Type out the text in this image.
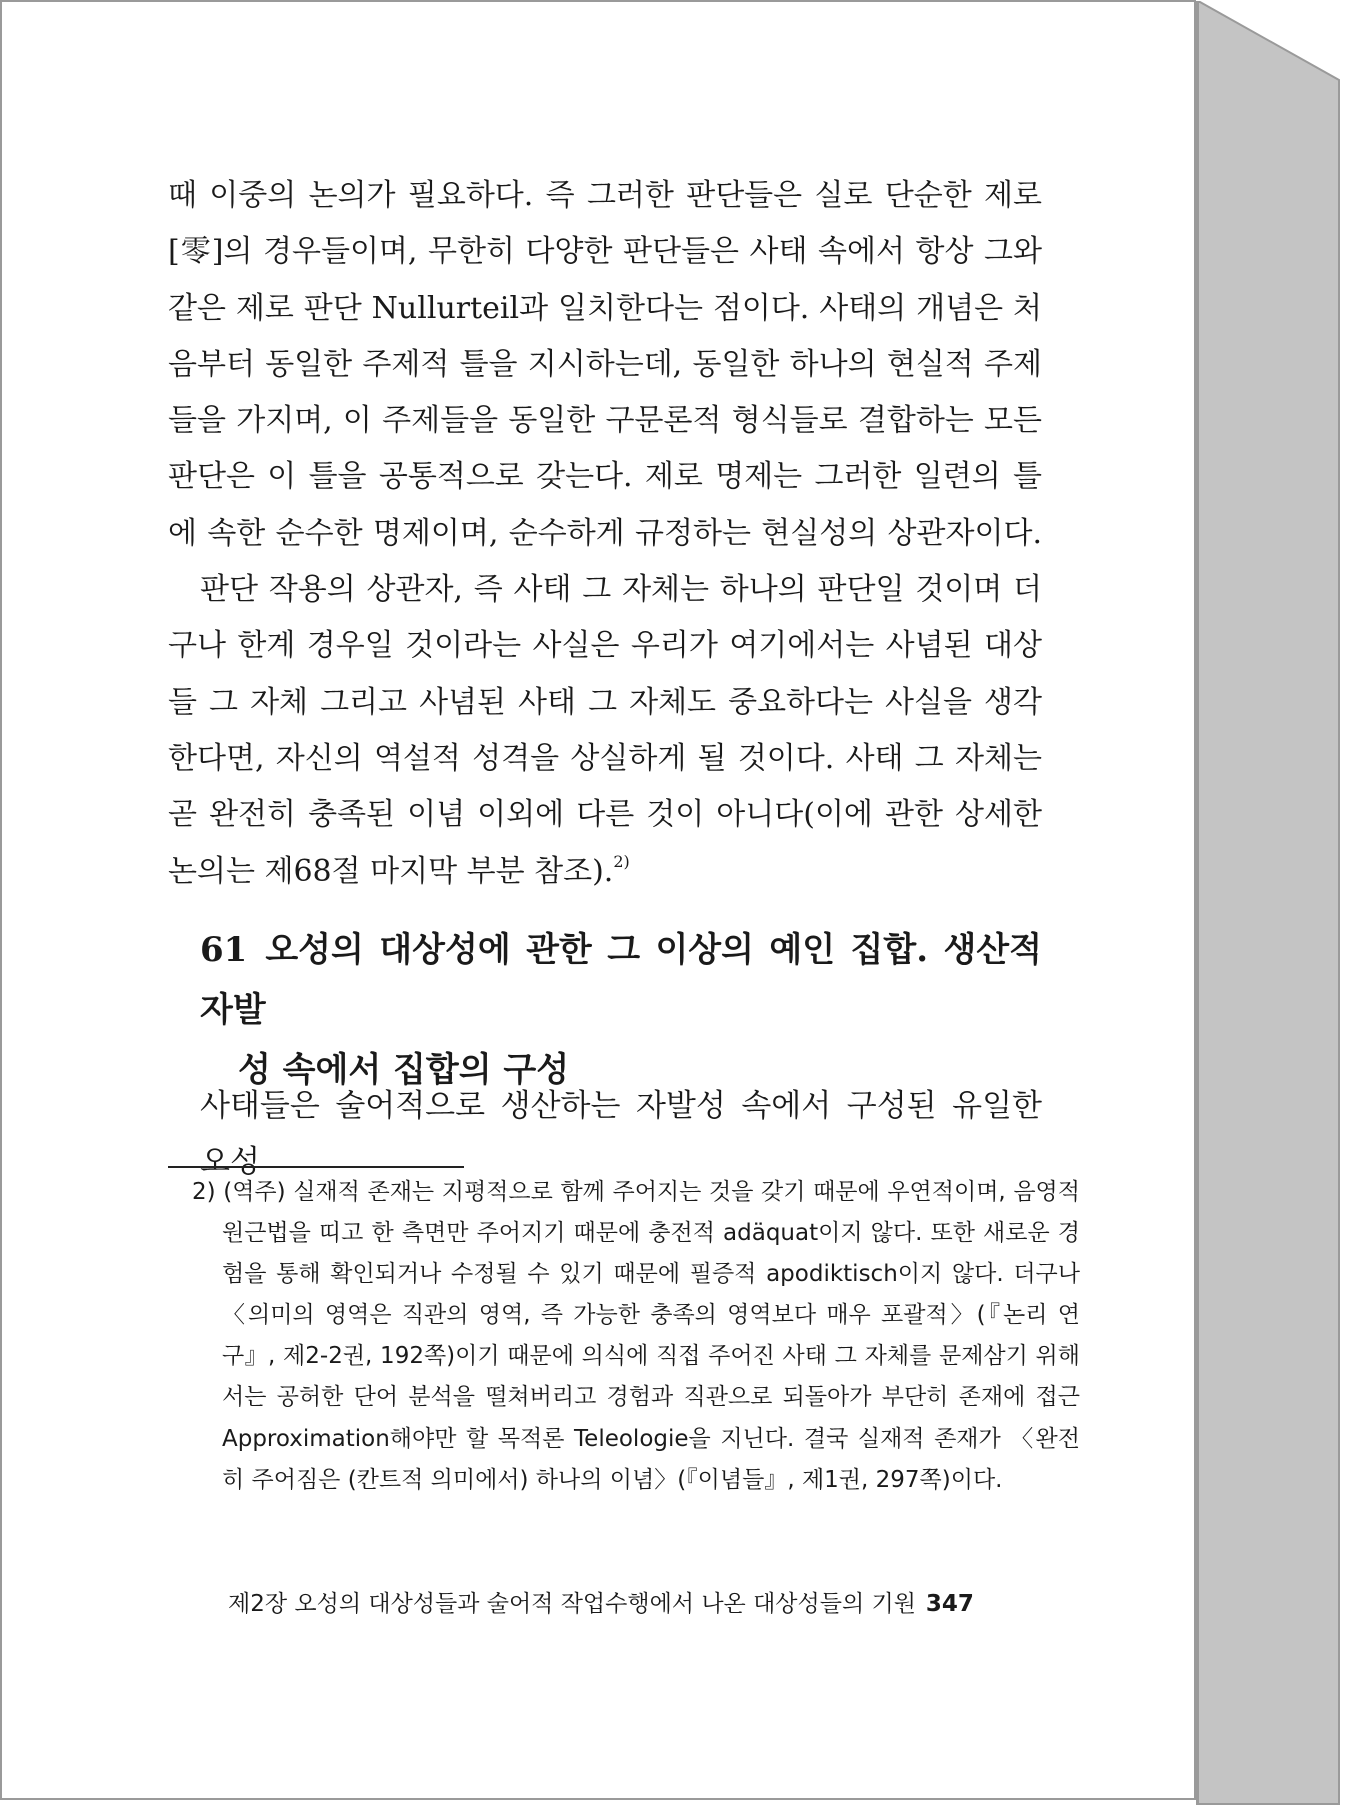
때 이중의 논의가 필요하다. 즉 그러한 판단들은 실로 단순한 제로[零]의 경우들이며, 무한히 다양한 판단들은 사태 속에서 항상 그와 같은 제로 판단 Nullurteil과 일치한다는 점이다. 사태의 개념은 처음부터 동일한 주제적 틀을 지시하는데, 동일한 하나의 현실적 주제들을 가지며, 이 주제들을 동일한 구문론적 형식들로 결합하는 모든 판단은 이 틀을 공통적으로 갖는다. 제로 명제는 그러한 일련의 틀에 속한 순수한 명제이며, 순수하게 규정하는 현실성의 상관자이다.

판단 작용의 상관자, 즉 사태 그 자체는 하나의 판단일 것이며 더구나 한계 경우일 것이라는 사실은 우리가 여기에서는 사념된 대상들 그 자체 그리고 사념된 사태 그 자체도 중요하다는 사실을 생각한다면, 자신의 역설적 성격을 상실하게 될 것이다. 사태 그 자체는 곧 완전히 충족된 이념 이외에 다른 것이 아니다(이에 관한 상세한 논의는 제68절 마지막 부분 참조).$^{2)}$

61 오성의 대상성에 관한 그 이상의 예인 집합. 생산적 자발
성 속에서 집합의 구성

사태들은 술어적으로 생산하는 자발성 속에서 구성된 유일한 오성

2) (역주) 실재적 존재는 지평적으로 함께 주어지는 것을 갖기 때문에 우연적이며, 음영적 원근법을 띠고 한 측면만 주어지기 때문에 충전적 adäquat이지 않다. 또한 새로운 경험을 통해 확인되거나 수정될 수 있기 때문에 필증적 apodiktisch이지 않다. 더구나 〈의미의 영역은 직관의 영역, 즉 가능한 충족의 영역보다 매우 포괄적〉(『논리 연구』, 제2-2권, 192쪽)이기 때문에 의식에 직접 주어진 사태 그 자체를 문제삼기 위해서는 공허한 단어 분석을 떨쳐버리고 경험과 직관으로 되돌아가 부단히 존재에 접근 Approximation해야만 할 목적론 Teleologie을 지닌다. 결국 실재적 존재가 〈완전히 주어짐은 (칸트적 의미에서) 하나의 이념〉(『이념들』, 제1권, 297쪽)이다.

제2장 오성의 대상성들과 술어적 작업수행에서 나온 대상성들의 기원 347
